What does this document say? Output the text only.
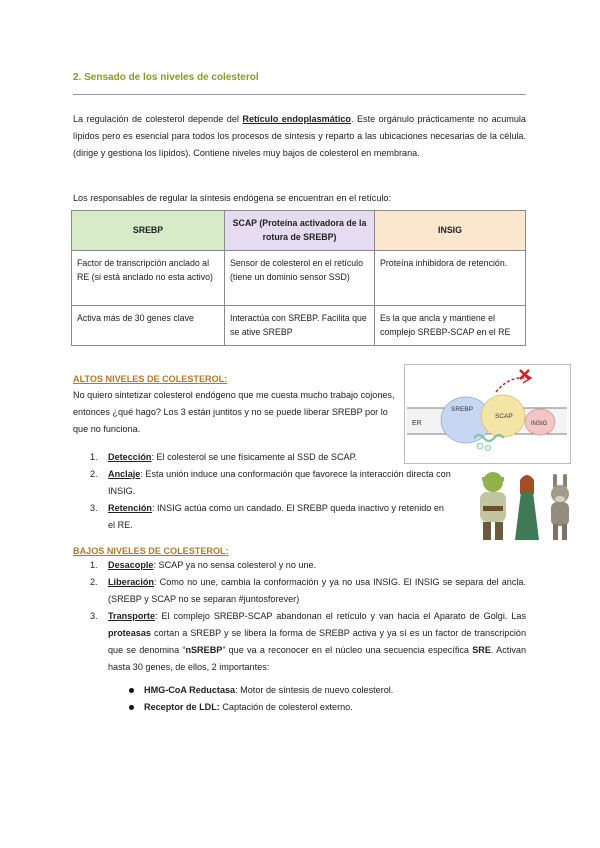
2. Sensado de los niveles de colesterol

La regulación de colesterol depende del Retículo endoplasmático. Este orgánulo prácticamente no acumula lípidos pero es esencial para todos los procesos de síntesis y reparto a las ubicaciones necesarias de la célula. (dirige y gestiona los lípidos). Contiene niveles muy bajos de colesterol en membrana.

Los responsables de regular la síntesis endógena se encuentran en el retículo:

SREBP	SCAP (Proteína activadora de la rotura de SREBP)	INSIG
Factor de transcripción anclado al RE (si está anclado no esta activo)	Sensor de colesterol en el retículo (tiene un dominio sensor SSD)	Proteína inhibidora de retención.
Activa más de 30 genes clave	Interactúa con SREBP. Facilita que se ative SREBP	Es la que ancla y mantiene el complejo SREBP-SCAP en el RE
ALTOS NIVELES DE COLESTEROL:

No quiero sintetizar colesterol endógeno que me cuesta mucho trabajo cojones, entonces ¿qué hago? Los 3 están juntitos y no se puede liberar SREBP por lo que no funciona.

ER
SREBP
SCAP
INSIG
1. Detección: El colesterol se une físicamente al SSD de SCAP.
2. Anclaje: Esta unión induce una conformación que favorece la interacción directa con INSIG.
3. Retención: INSIG actúa como un candado. El SREBP queda inactivo y retenido en el RE.
BAJOS NIVELES DE COLESTEROL:
1. Desacople: SCAP ya no sensa colesterol y no une.
2. Liberación: Como no une, cambia la conformación y ya no usa INSIG. El INSIG se separa del ancla. (SREBP y SCAP no se separan #juntosforever)
3. Transporte: El complejo SREBP-SCAP abandonan el retículo y van hacia el Aparato de Golgi. Las proteasas cortan a SREBP y se libera la forma de SREBP activa y ya sí es un factor de transcripción que se denomina “nSREBP” que va a reconocer en el núcleo una secuencia específica SRE. Activan hasta 30 genes, de ellos, 2 importantes:
HMG-CoA Reductasa: Motor de síntesis de nuevo colesterol.
Receptor de LDL: Captación de colesterol externo.
